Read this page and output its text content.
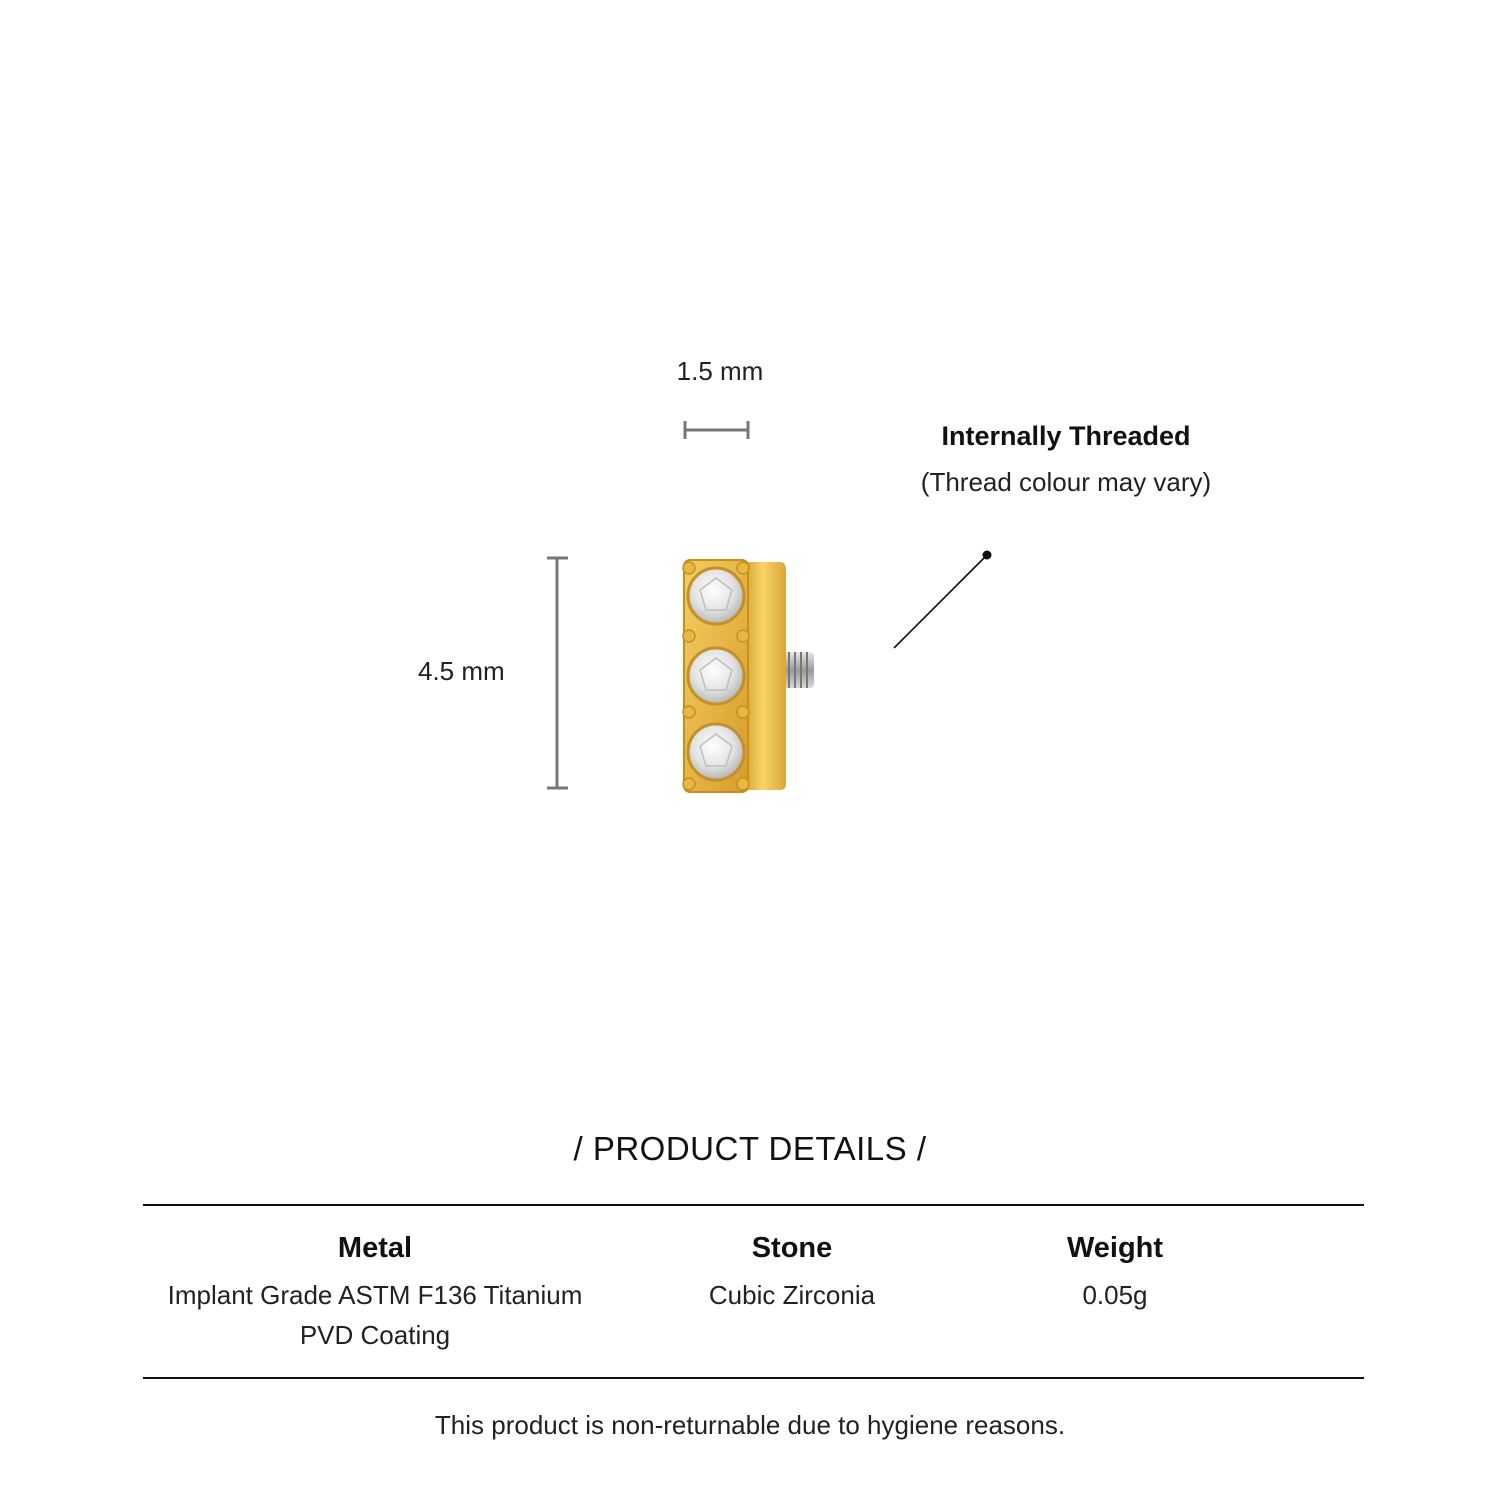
1.5 mm
4.5 mm
Internally Threaded
(Thread colour may vary)
/ PRODUCT DETAILS /
Metal
Implant Grade ASTM F136 Titanium
PVD Coating
Stone
Cubic Zirconia
Weight
0.05g
This product is non-returnable due to hygiene reasons.
